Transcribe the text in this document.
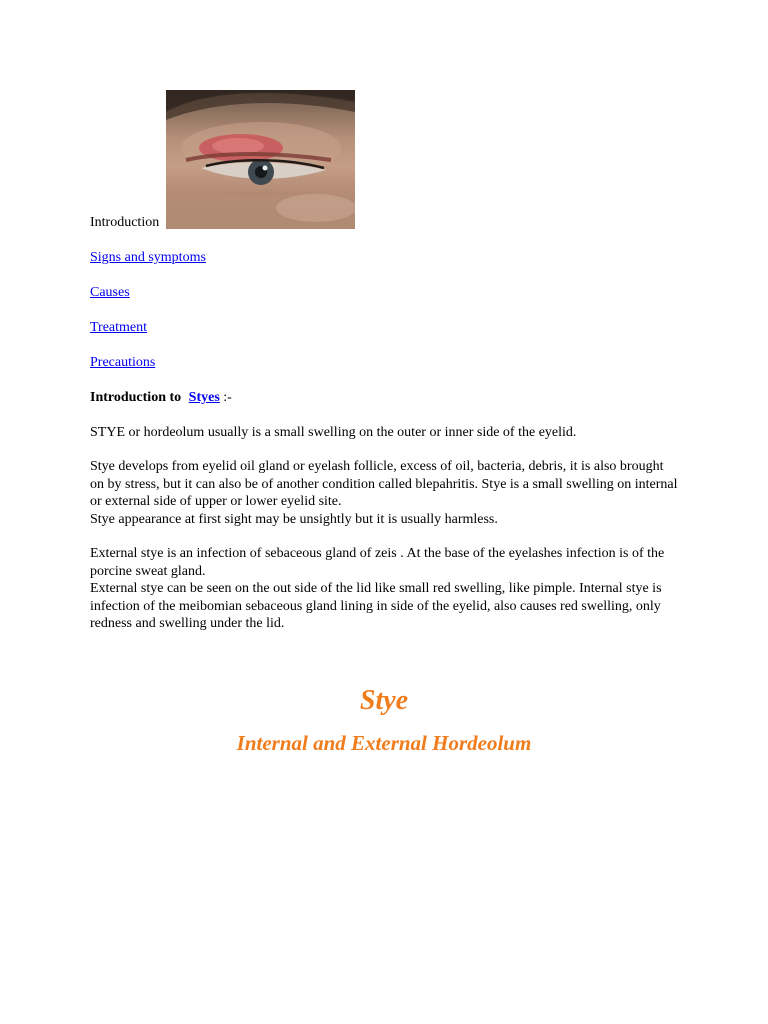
Introduction
Signs and symptoms
Causes
Treatment
Precautions
Introduction to Styes :-

STYE or hordeolum usually is a small swelling on the outer or inner side of the eyelid.

Stye develops from eyelid oil gland or eyelash follicle, excess of oil, bacteria, debris, it is also brought on by stress, but it can also be of another condition called blepahritis. Stye is a small swelling on internal or external side of upper or lower eyelid site.
Stye appearance at first sight may be unsightly but it is usually harmless.

External stye is an infection of sebaceous gland of zeis . At the base of the eyelashes infection is of the porcine sweat gland.
External stye can be seen on the out side of the lid like small red swelling, like pimple. Internal stye is infection of the meibomian sebaceous gland lining in side of the eyelid, also causes red swelling, only redness and swelling under the lid.

Stye
Internal and External Hordeolum
